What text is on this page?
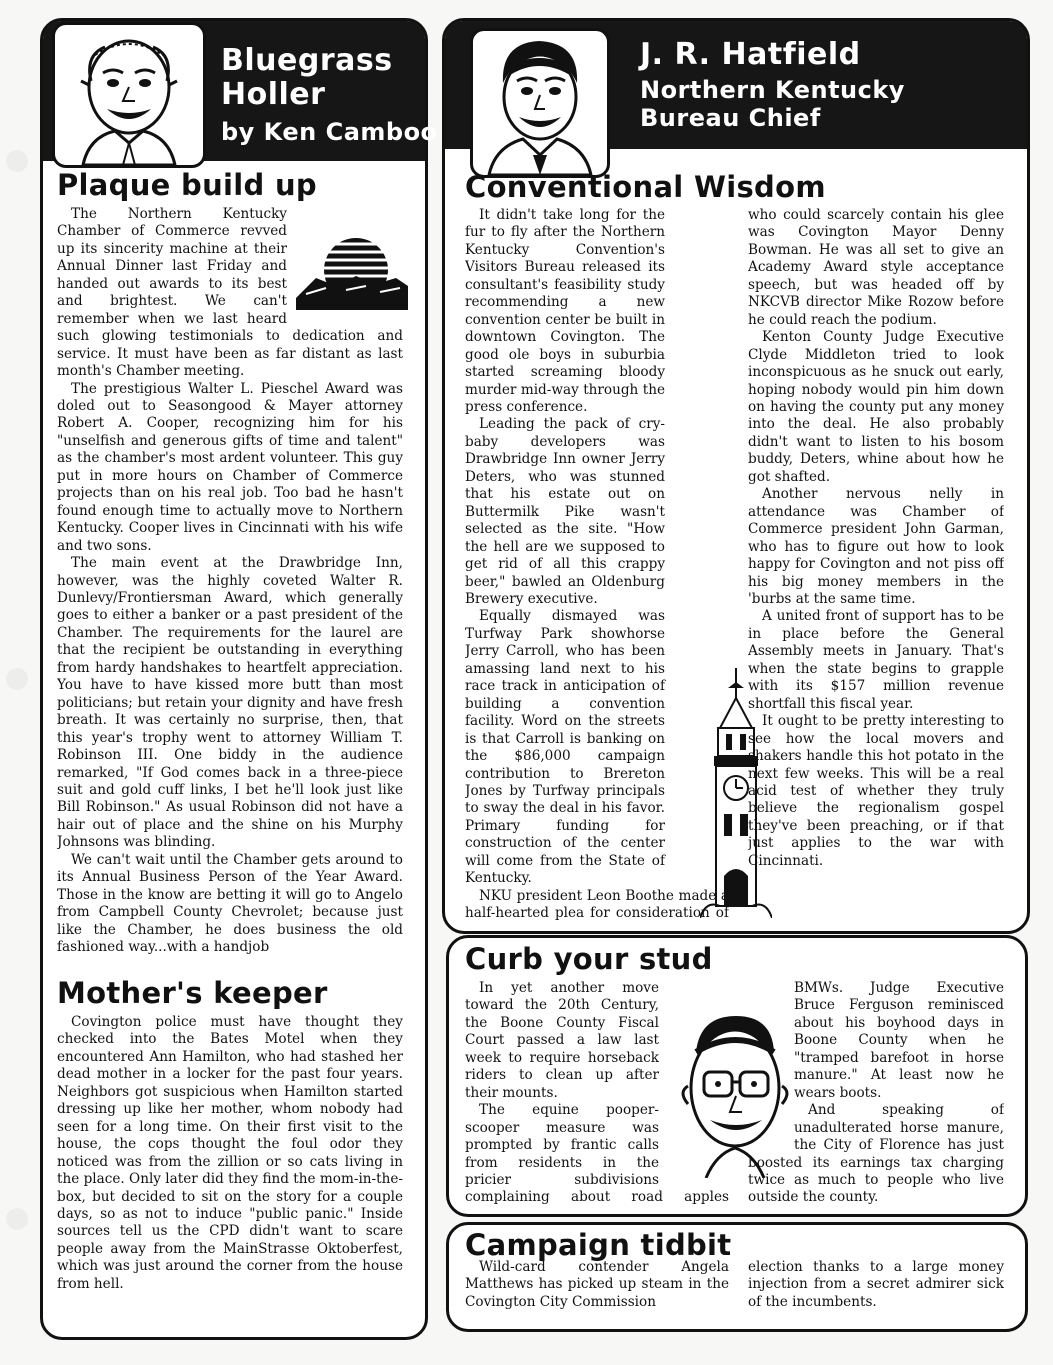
Bluegrass
Holler
by Ken Camboo
Plaque build up

The Northern Kentucky Chamber of Commerce revved up its sincerity machine at their Annual Dinner last Friday and handed out awards to its best and brightest. We can't remember when we last heard such glowing testimonials to dedication and service. It must have been as far distant as last month's Chamber meeting.

The prestigious Walter L. Pieschel Award was doled out to Seasongood & Mayer attorney Robert A. Cooper, recognizing him for his "unselfish and generous gifts of time and talent" as the chamber's most ardent volunteer. This guy put in more hours on Chamber of Commerce projects than on his real job. Too bad he hasn't found enough time to actually move to Northern Kentucky. Cooper lives in Cincinnati with his wife and two sons.

The main event at the Drawbridge Inn, however, was the highly coveted Walter R. Dunlevy/Frontiersman Award, which generally goes to either a banker or a past president of the Chamber. The requirements for the laurel are that the recipient be outstanding in everything from hardy handshakes to heartfelt appreciation. You have to have kissed more butt than most politicians; but retain your dignity and have fresh breath. It was certainly no surprise, then, that this year's trophy went to attorney William T. Robinson III. One biddy in the audience remarked, "If God comes back in a three-piece suit and gold cuff links, I bet he'll look just like Bill Robinson." As usual Robinson did not have a hair out of place and the shine on his Murphy Johnsons was blinding.

We can't wait until the Chamber gets around to its Annual Business Person of the Year Award. Those in the know are betting it will go to Angelo from Campbell County Chevrolet; because just like the Chamber, he does business the old fashioned way...with a handjob

Mother's keeper

Covington police must have thought they checked into the Bates Motel when they encountered Ann Hamilton, who had stashed her dead mother in a locker for the past four years. Neighbors got suspicious when Hamilton started dressing up like her mother, whom nobody had seen for a long time. On their first visit to the house, the cops thought the foul odor they noticed was from the zillion or so cats living in the place. Only later did they find the mom-in-the-box, but decided to sit on the story for a couple days, so as not to induce "public panic." Inside sources tell us the CPD didn't want to scare people away from the MainStrasse Oktoberfest, which was just around the corner from the house from hell.

J. R. Hatfield
Northern Kentucky
Bureau Chief
Conventional Wisdom

It didn't take long for the fur to fly after the Northern Kentucky Convention's Visitors Bureau released its consultant's feasibility study recommending a new convention center be built in downtown Covington. The good ole boys in suburbia started screaming bloody murder mid-way through the press conference.

Leading the pack of cry-baby developers was Drawbridge Inn owner Jerry Deters, who was stunned that his estate out on Buttermilk Pike wasn't selected as the site. "How the hell are we supposed to get rid of all this crappy beer," bawled an Oldenburg Brewery executive.

Equally dismayed was Turfway Park showhorse Jerry Carroll, who has been amassing land next to his race track in anticipation of building a convention facility. Word on the streets is that Carroll is banking on the $86,000 campaign contribution to Brereton Jones by Turfway principals to sway the deal in his favor. Primary funding for construction of the center will come from the State of Kentucky.

NKU president Leon Boothe made a half-hearted plea for consideration of

who could scarcely contain his glee was Covington Mayor Denny Bowman. He was all set to give an Academy Award style acceptance speech, but was headed off by NKCVB director Mike Rozow before he could reach the podium.

Kenton County Judge Executive Clyde Middleton tried to look inconspicuous as he snuck out early, hoping nobody would pin him down on having the county put any money into the deal. He also probably didn't want to listen to his bosom buddy, Deters, whine about how he got shafted.

Another nervous nelly in attendance was Chamber of Commerce president John Garman, who has to figure out how to look happy for Covington and not piss off his big money members in the 'burbs at the same time.

A united front of support has to be in place before the General Assembly meets in January. That's when the state begins to grapple with its $157 million revenue shortfall this fiscal year.

It ought to be pretty interesting to see how the local movers and shakers handle this hot potato in the next few weeks. This will be a real acid test of whether they truly believe the regionalism gospel they've been preaching, or if that just applies to the war with Cincinnati.

Curb your stud

In yet another move toward the 20th Century, the Boone County Fiscal Court passed a law last week to require horseback riders to clean up after their mounts.

The equine pooper-scooper measure was prompted by frantic calls from residents in the pricier subdivisions complaining about road apples

BMWs. Judge Executive Bruce Ferguson reminisced about his boyhood days in Boone County when he "tramped barefoot in horse manure." At least now he wears boots.

And speaking of unadulterated horse manure, the City of Florence has just boosted its earnings tax charging twice as much to people who live outside the county.

Campaign tidbit

Wild-card contender Angela Matthews has picked up steam in the Covington City Commission

election thanks to a large money injection from a secret admirer sick of the incumbents.
